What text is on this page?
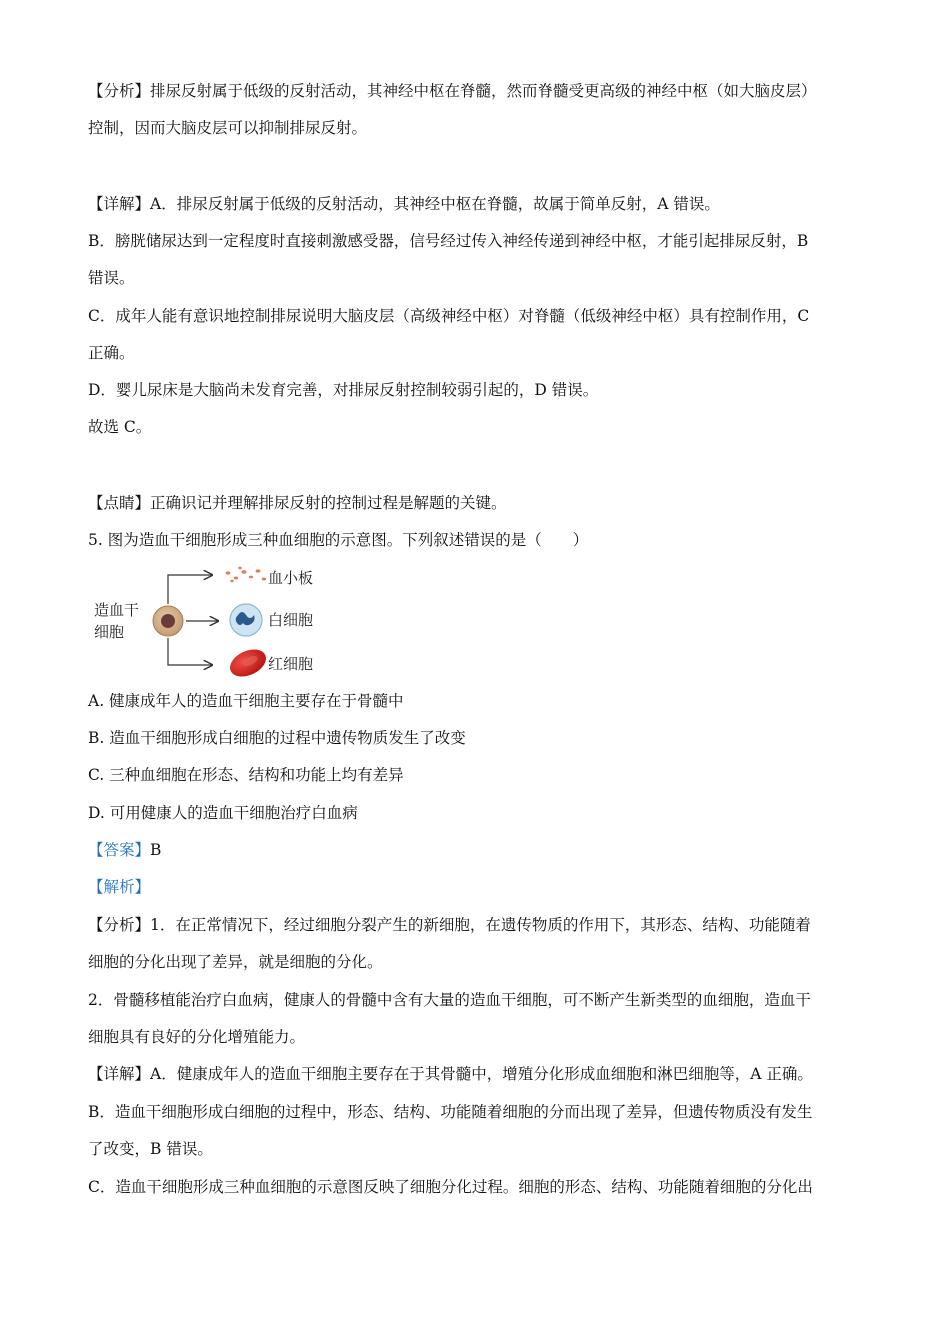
【分析】排尿反射属于低级的反射活动，其神经中枢在脊髓，然而脊髓受更高级的神经中枢（如大脑皮层）
控制，因而大脑皮层可以抑制排尿反射。
【详解】A．排尿反射属于低级的反射活动，其神经中枢在脊髓，故属于简单反射，A 错误。
B．膀胱储尿达到一定程度时直接刺激感受器，信号经过传入神经传递到神经中枢，才能引起排尿反射，B
错误。
C．成年人能有意识地控制排尿说明大脑皮层（高级神经中枢）对脊髓（低级神经中枢）具有控制作用，C
正确。
D．婴儿尿床是大脑尚未发育完善，对排尿反射控制较弱引起的，D 错误。
故选 C。
【点睛】正确识记并理解排尿反射的控制过程是解题的关键。
5. 图为造血干细胞形成三种血细胞的示意图。下列叙述错误的是（　　）
造血干
细胞
血小板
白细胞
红细胞
A. 健康成年人的造血干细胞主要存在于骨髓中
B. 造血干细胞形成白细胞的过程中遗传物质发生了改变
C. 三种血细胞在形态、结构和功能上均有差异
D. 可用健康人的造血干细胞治疗白血病
【答案】B
【解析】
【分析】1．在正常情况下，经过细胞分裂产生的新细胞，在遗传物质的作用下，其形态、结构、功能随着
细胞的分化出现了差异，就是细胞的分化。
2．骨髓移植能治疗白血病，健康人的骨髓中含有大量的造血干细胞，可不断产生新类型的血细胞，造血干
细胞具有良好的分化增殖能力。
【详解】A．健康成年人的造血干细胞主要存在于其骨髓中，增殖分化形成血细胞和淋巴细胞等，A 正确。
B．造血干细胞形成白细胞的过程中，形态、结构、功能随着细胞的分而出现了差异，但遗传物质没有发生
了改变，B 错误。
C．造血干细胞形成三种血细胞的示意图反映了细胞分化过程。细胞的形态、结构、功能随着细胞的分化出
